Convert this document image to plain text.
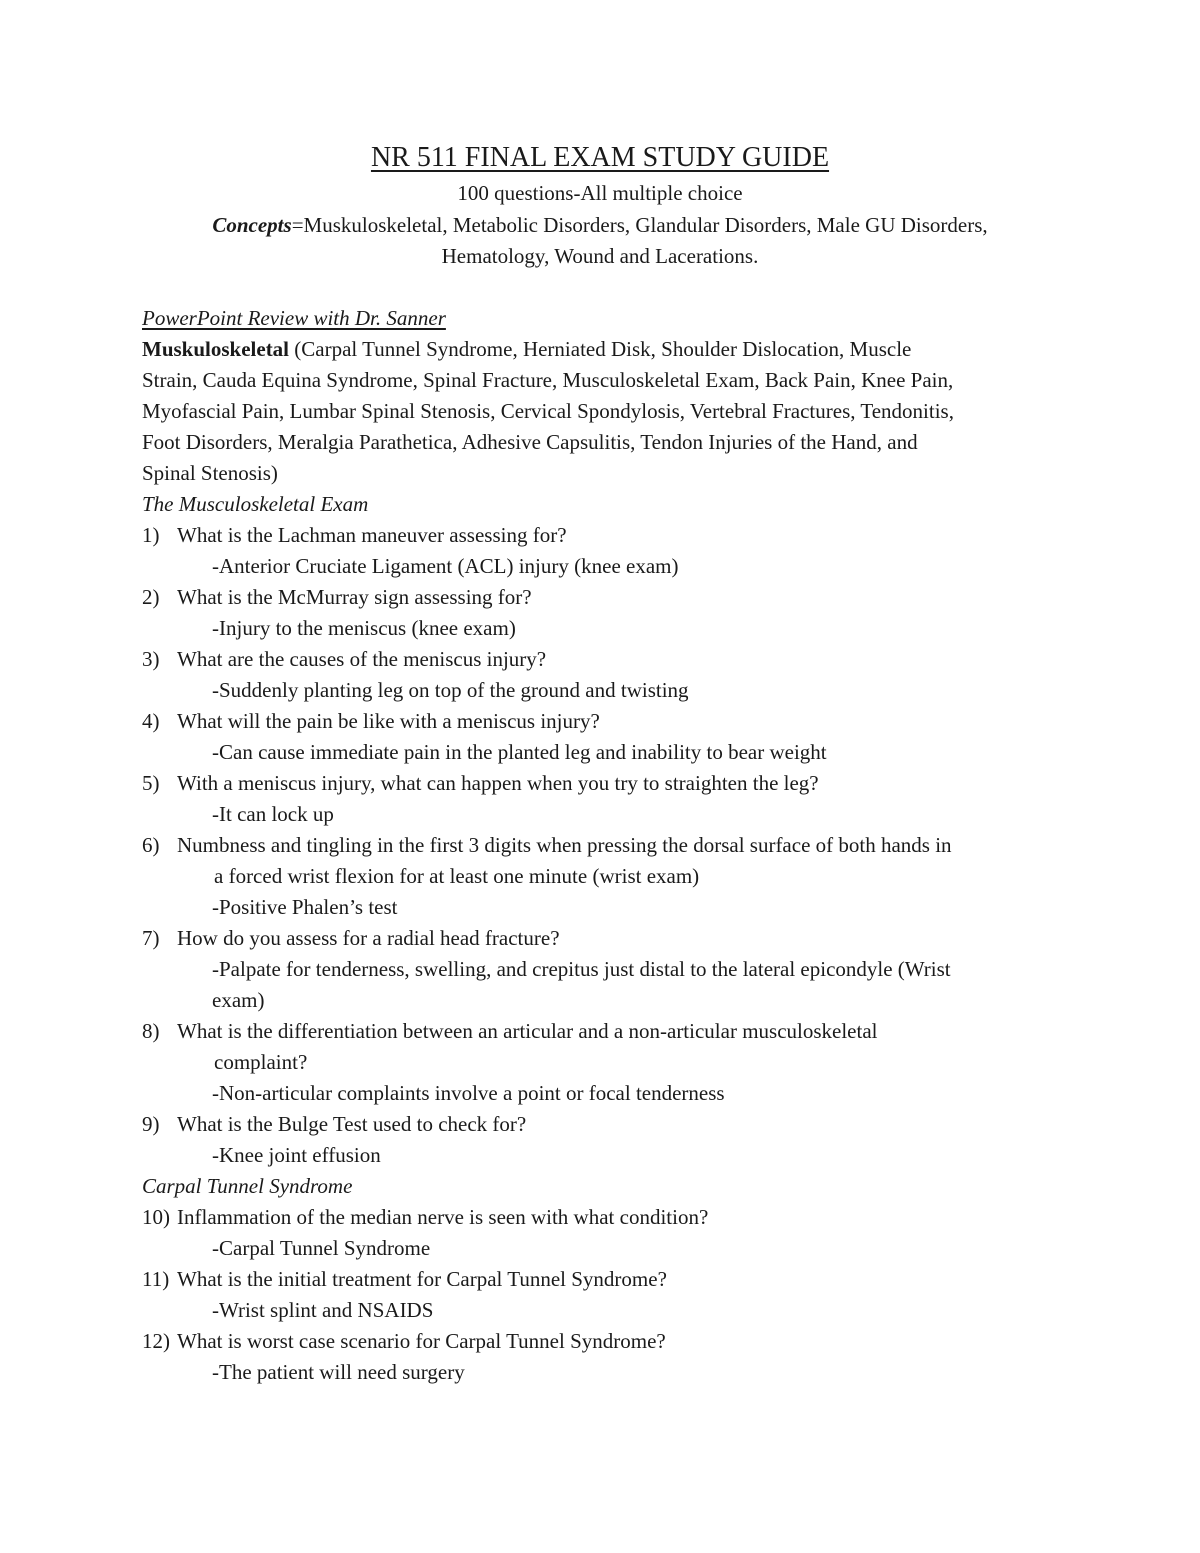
NR 511 FINAL EXAM STUDY GUIDE
100 questions-All multiple choice
Concepts=Muskuloskeletal, Metabolic Disorders, Glandular Disorders, Male GU Disorders,
Hematology, Wound and Lacerations.
PowerPoint Review with Dr. Sanner
Muskuloskeletal (Carpal Tunnel Syndrome, Herniated Disk, Shoulder Dislocation, Muscle
Strain, Cauda Equina Syndrome, Spinal Fracture, Musculoskeletal Exam, Back Pain, Knee Pain,
Myofascial Pain, Lumbar Spinal Stenosis, Cervical Spondylosis, Vertebral Fractures, Tendonitis,
Foot Disorders, Meralgia Parathetica, Adhesive Capsulitis, Tendon Injuries of the Hand, and
Spinal Stenosis)
The Musculoskeletal Exam
1) What is the Lachman maneuver assessing for?
-Anterior Cruciate Ligament (ACL) injury (knee exam)
2) What is the McMurray sign assessing for?
-Injury to the meniscus (knee exam)
3) What are the causes of the meniscus injury?
-Suddenly planting leg on top of the ground and twisting
4) What will the pain be like with a meniscus injury?
-Can cause immediate pain in the planted leg and inability to bear weight
5) With a meniscus injury, what can happen when you try to straighten the leg?
-It can lock up
6) Numbness and tingling in the first 3 digits when pressing the dorsal surface of both hands in
a forced wrist flexion for at least one minute (wrist exam)
-Positive Phalen’s test
7) How do you assess for a radial head fracture?
-Palpate for tenderness, swelling, and crepitus just distal to the lateral epicondyle (Wrist
exam)
8) What is the differentiation between an articular and a non-articular musculoskeletal
complaint?
-Non-articular complaints involve a point or focal tenderness
9) What is the Bulge Test used to check for?
-Knee joint effusion
Carpal Tunnel Syndrome
10) Inflammation of the median nerve is seen with what condition?
-Carpal Tunnel Syndrome
11) What is the initial treatment for Carpal Tunnel Syndrome?
-Wrist splint and NSAIDS
12) What is worst case scenario for Carpal Tunnel Syndrome?
-The patient will need surgery
